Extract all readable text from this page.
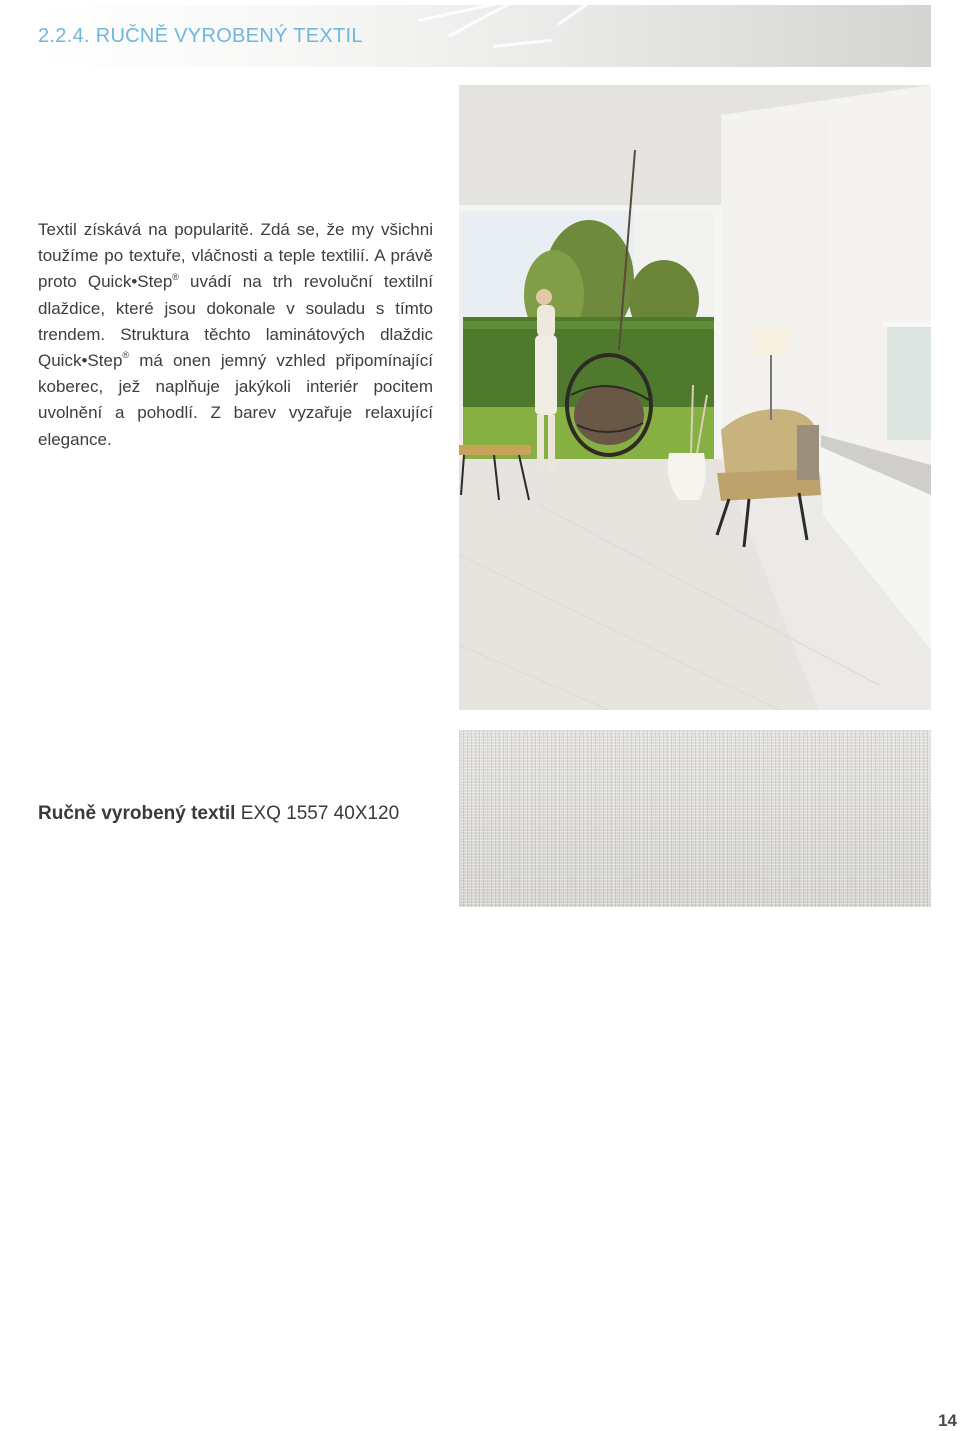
2.2.4. RUČNĚ VYROBENÝ TEXTIL

Textil získává na popularitě. Zdá se, že my všichni toužíme po textuře, vláčnosti a teple textilií. A právě proto Quick•Step® uvádí na trh revoluční textilní dlaždice, které jsou dokonale v souladu s tímto trendem. Struktura těchto laminátových dlaždic Quick•Step® má onen jemný vzhled připomínající koberec, jež naplňuje jakýkoli interiér pocitem uvolnění a pohodlí. Z barev vyzařuje relaxující elegance.

Ručně vyrobený textil EXQ 1557 40X120
14
